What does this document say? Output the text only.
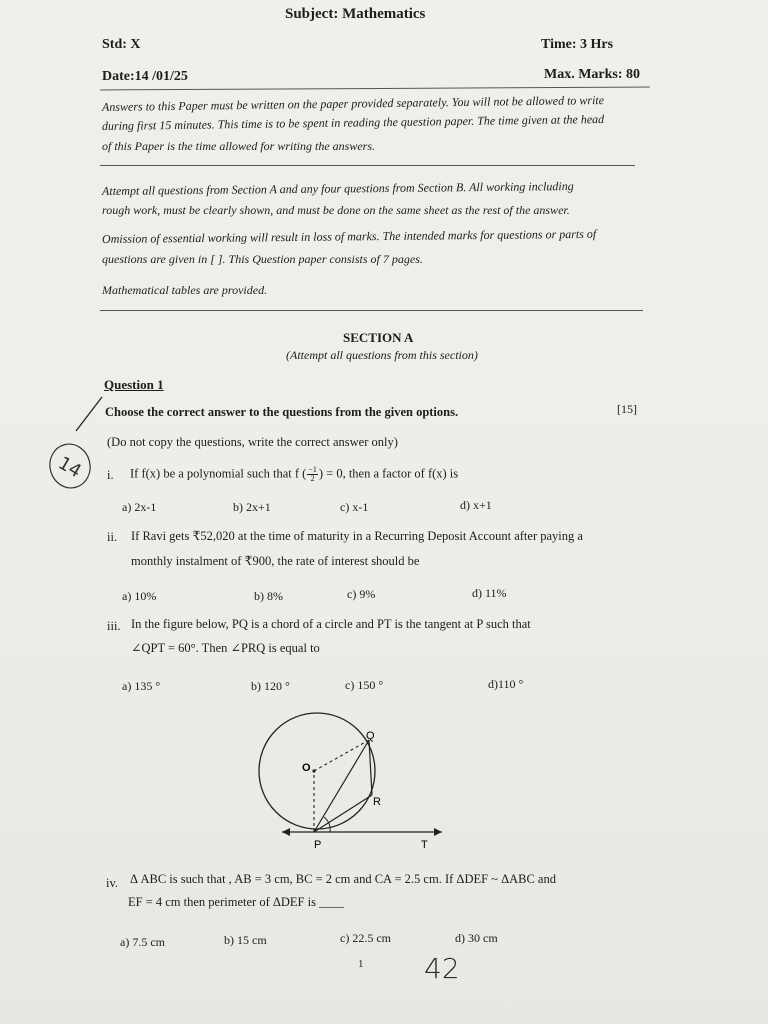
Subject: Mathematics
Std: X	Time: 3 Hrs
Date:14 /01/25	Max. Marks: 80
Answers to this Paper must be written on the paper provided separately. You will not be allowed to write
during first 15 minutes. This time is to be spent in reading the question paper. The time given at the head
of this Paper is the time allowed for writing the answers.
Attempt all questions from Section A and any four questions from Section B. All working including
rough work, must be clearly shown, and must be done on the same sheet as the rest of the answer.
Omission of essential working will result in loss of marks. The intended marks for questions or parts of
questions are given in [ ]. This Question paper consists of 7 pages.
Mathematical tables are provided.
SECTION A
(Attempt all questions from this section)
Question 1
Choose the correct answer to the questions from the given options.	[15]
(Do not copy the questions, write the correct answer only)
14 i. If f(x) be a polynomial such that f ( $\frac{-1}{2}$ ) = 0, then a factor of f(x) is
a) 2x-1	b) 2x+1	c) x-1	d) x+1
ii. If Ravi gets ₹52,020 at the time of maturity in a Recurring Deposit Account after paying a
monthly instalment of ₹900, the rate of interest should be
a) 10%	b) 8%	c) 9%	d) 11%
iii. In the figure below, PQ is a chord of a circle and PT is the tangent at P such that
∠QPT = 60°. Then ∠PRQ is equal to
a) 135 °	b) 120 °	c) 150 °	d)110 °
Q
O
R
P	T
iv. Δ ABC is such that , AB = 3 cm, BC = 2 cm and CA = 2.5 cm. If ΔDEF ~ ΔABC and
EF = 4 cm then perimeter of ΔDEF is ____
a) 7.5 cm	b) 15 cm	c) 22.5 cm	d) 30 cm
1 42
